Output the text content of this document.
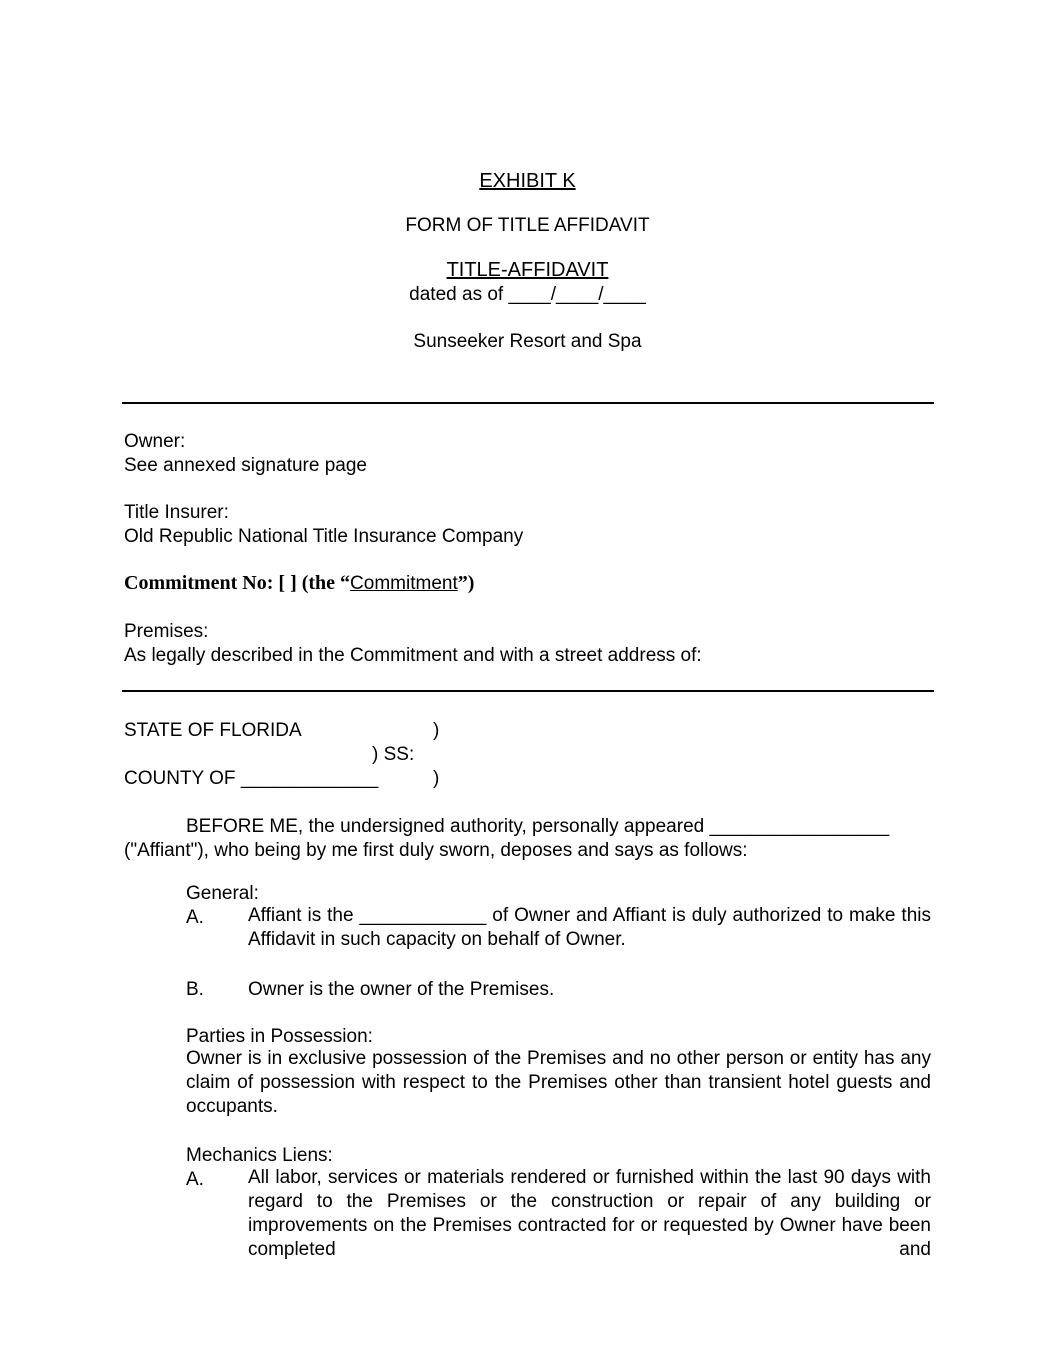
EXHIBIT K
FORM OF TITLE AFFIDAVIT
TITLE-AFFIDAVIT
dated as of ____/____/____
Sunseeker Resort and Spa
Owner:
See annexed signature page
Title Insurer:
Old Republic National Title Insurance Company
Commitment No: [ ] (the “Commitment”)
Premises:
As legally described in the Commitment and with a street address of:
STATE OF FLORIDA	)
) SS:
COUNTY OF _____________	)
BEFORE ME, the undersigned authority, personally appeared _________________
("Affiant"), who being by me first duly sworn, deposes and says as follows:
General:
A. Affiant is the ____________ of Owner and Affiant is duly authorized to make this Affidavit in such capacity on behalf of Owner.
B. Owner is the owner of the Premises.
Parties in Possession:
Owner is in exclusive possession of the Premises and no other person or entity has any claim of possession with respect to the Premises other than transient hotel guests and occupants.
Mechanics Liens:
A. All labor, services or materials rendered or furnished within the last 90 days with regard to the Premises or the construction or repair of any building or improvements on the Premises contracted for or requested by Owner have been completed and
